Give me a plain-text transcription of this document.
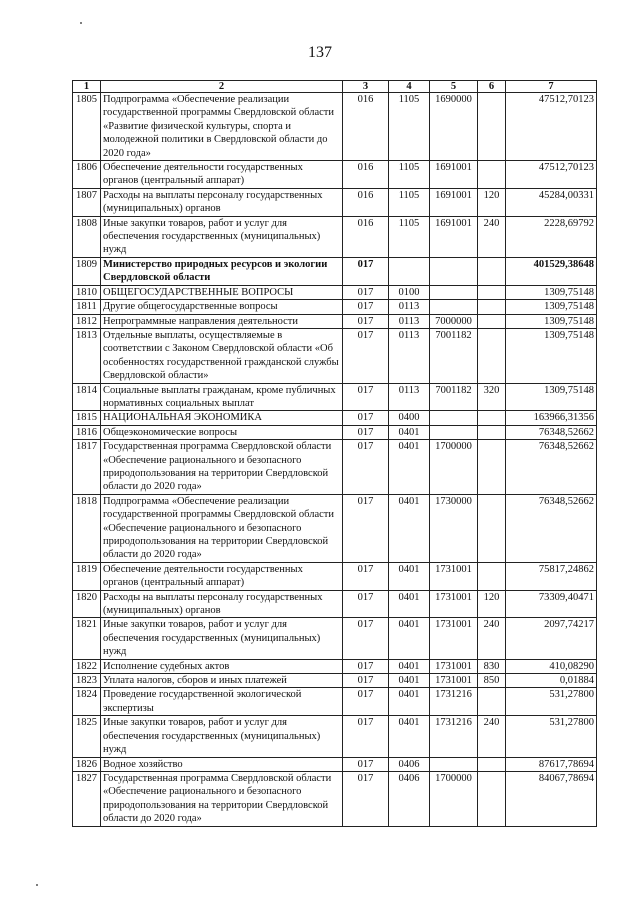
137
1	2	3	4	5	6	7
1805	Подпрограмма «Обеспечение реализации государственной программы Свердловской области «Развитие физической культуры, спорта и молодежной политики в Свердловской области до 2020 года»	016	1105	1690000		47512,70123
1806	Обеспечение деятельности государственных органов (центральный аппарат)	016	1105	1691001		47512,70123
1807	Расходы на выплаты персоналу государственных (муниципальных) органов	016	1105	1691001	120	45284,00331
1808	Иные закупки товаров, работ и услуг для обеспечения государственных (муниципальных) нужд	016	1105	1691001	240	2228,69792
1809	Министерство природных ресурсов и экологии Свердловской области	017				401529,38648
1810	ОБЩЕГОСУДАРСТВЕННЫЕ ВОПРОСЫ	017	0100			1309,75148
1811	Другие общегосударственные вопросы	017	0113			1309,75148
1812	Непрограммные направления деятельности	017	0113	7000000		1309,75148
1813	Отдельные выплаты, осуществляемые в соответствии с Законом Свердловской области «Об особенностях государственной гражданской службы Свердловской области»	017	0113	7001182		1309,75148
1814	Социальные выплаты гражданам, кроме публичных нормативных социальных выплат	017	0113	7001182	320	1309,75148
1815	НАЦИОНАЛЬНАЯ ЭКОНОМИКА	017	0400			163966,31356
1816	Общеэкономические вопросы	017	0401			76348,52662
1817	Государственная программа Свердловской области «Обеспечение рационального и безопасного природопользования на территории Свердловской области до 2020 года»	017	0401	1700000		76348,52662
1818	Подпрограмма «Обеспечение реализации государственной программы Свердловской области «Обеспечение рационального и безопасного природопользования на территории Свердловской области до 2020 года»	017	0401	1730000		76348,52662
1819	Обеспечение деятельности государственных органов (центральный аппарат)	017	0401	1731001		75817,24862
1820	Расходы на выплаты персоналу государственных (муниципальных) органов	017	0401	1731001	120	73309,40471
1821	Иные закупки товаров, работ и услуг для обеспечения государственных (муниципальных) нужд	017	0401	1731001	240	2097,74217
1822	Исполнение судебных актов	017	0401	1731001	830	410,08290
1823	Уплата налогов, сборов и иных платежей	017	0401	1731001	850	0,01884
1824	Проведение государственной экологической экспертизы	017	0401	1731216		531,27800
1825	Иные закупки товаров, работ и услуг для обеспечения государственных (муниципальных) нужд	017	0401	1731216	240	531,27800
1826	Водное хозяйство	017	0406			87617,78694
1827	Государственная программа Свердловской области «Обеспечение рационального и безопасного природопользования на территории Свердловской области до 2020 года»	017	0406	1700000		84067,78694
